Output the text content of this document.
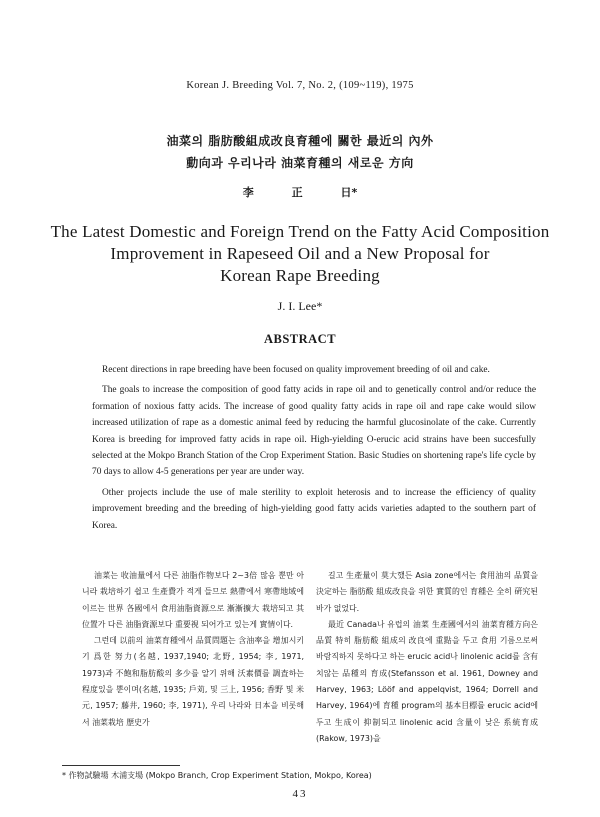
Korean J. Breeding Vol. 7, No. 2, (109~119), 1975
油菜의 脂肪酸組成改良育種에 關한 最近의 內外
動向과 우리나라 油菜育種의 새로운 方向
李 正 日*
The Latest Domestic and Foreign Trend on the Fatty Acid Composition
Improvement in Rapeseed Oil and a New Proposal for
Korean Rape Breeding
J. I. Lee*
ABSTRACT

Recent directions in rape breeding have been focused on quality improvement breeding of oil and cake.

The goals to increase the composition of good fatty acids in rape oil and to genetically control and/or reduce the formation of noxious fatty acids. The increase of good quality fatty acids in rape oil and rape cake would silow increased utilization of rape as a domestic animal feed by reducing the harmful glucosinolate of the cake. Currently Korea is breeding for improved fatty acids in rape oil. High-yielding O-erucic acid strains have been succesfully selected at the Mokpo Branch Station of the Crop Experiment Station. Basic Studies on shortening rape's life cycle by 70 days to allow 4-5 generations per year are under way.

Other projects include the use of male sterility to exploit heterosis and to increase the efficiency of quality improvement breeding and the breeding of high-yielding good fatty acids varieties adapted to the southern part of Korea.

油菜는 收油量에서 다른 油脂作物보다 2~3倍 많음 뿐만 아니라 栽培하기 쉽고 生產費가 적게 들므로 熱帶에서 寒帶地域에 이르는 世界 各國에서 食用油脂資源으로 漸漸擴大 栽培되고 其 位置가 다른 油脂資源보다 重要視 되어가고 있는게 實情이다.

그런데 以前의 油菜育種에서 品質問題는 含油率을 增加시키기 爲한 努力(名越, 1937,1940; 北野, 1954; 李, 1971, 1973)과 不飽和脂肪酸의 多少를 알기 위해 沃素價를 調査하는 程度있을 뿐이며(名越, 1935; 戶苅, 및 三上, 1956; 香野 및 米元, 1957; 藤井, 1960; 李, 1971), 우리 나라와 日本을 비롯해서 油菜栽培 歷史가

길고 生產量이 莫大했든 Asia zone에서는 食用油의 品質을 決定하는 脂肪酸 組成改良을 위한 實質的인 育種은 全히 硏究된 바가 없었다.

最近 Canada나 유럽의 油菜 生產國에서의 油菜育種方向은 品質 特히 脂肪酸 組成의 改良에 重點을 두고 食用 기름으로써 바람직하지 못하다고 하는 erucic acid나 linolenic acid를 含有치않는 品種의 育成(Stefansson et al. 1961, Downey and Harvey, 1963; Lööf and appelqvist, 1964; Dorrell and Harvey, 1964)에 育種 program의 基本目標를 erucic acid에 두고 生成이 抑制되고 linolenic acid 含量이 낮은 系統育成(Rakow, 1973)을

* 作物試驗場 木浦支場 (Mokpo Branch, Crop Experiment Station, Mokpo, Korea)
43
